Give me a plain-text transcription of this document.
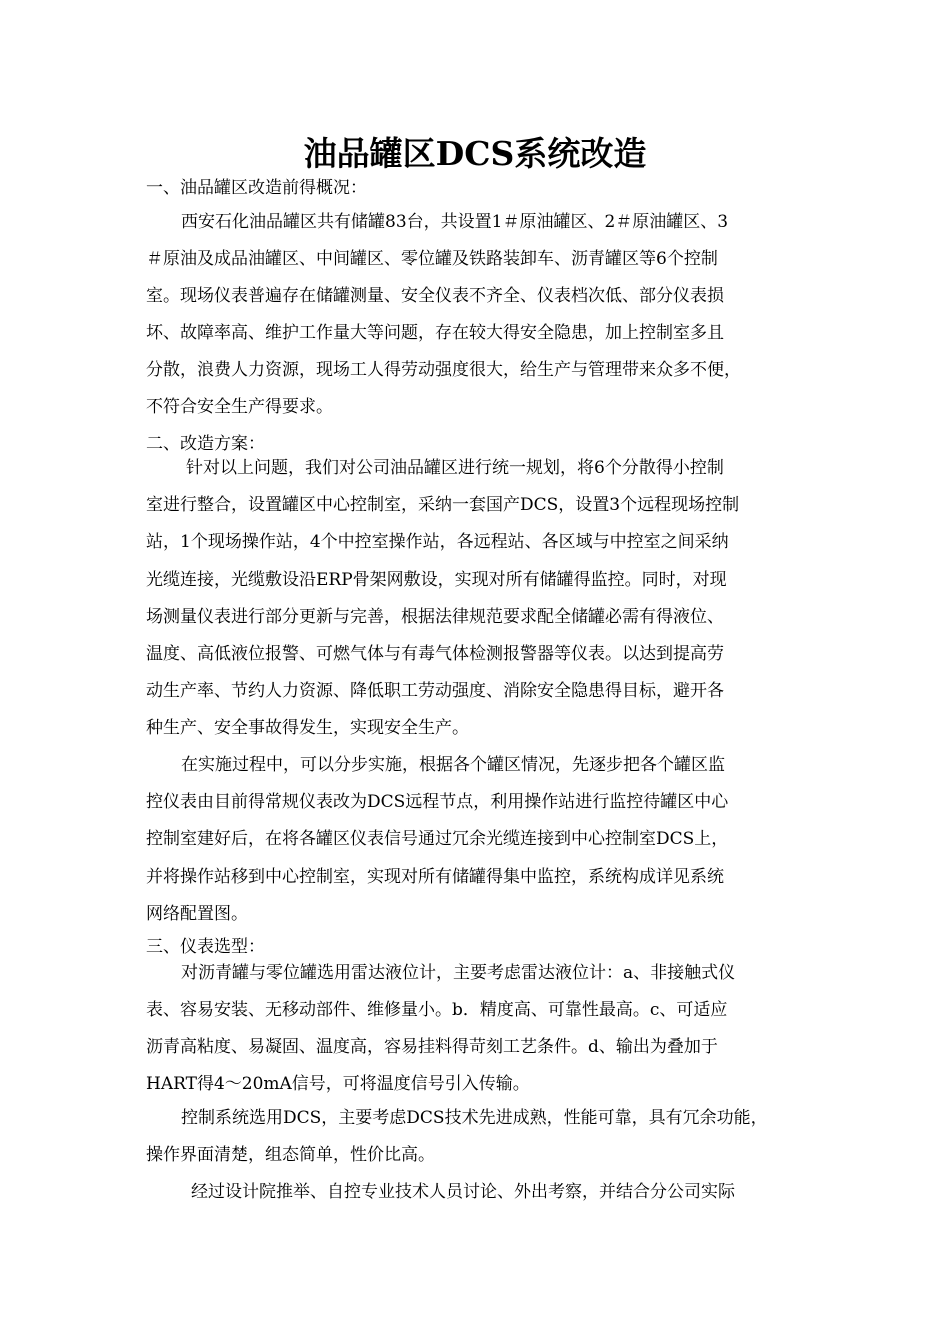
油品罐区DCS系统改造
一、油品罐区改造前得概况：
西安石化油品罐区共有储罐83台，共设置1＃原油罐区、2＃原油罐区、3
＃原油及成品油罐区、中间罐区、零位罐及铁路装卸车、沥青罐区等6个控制
室。现场仪表普遍存在储罐测量、安全仪表不齐全、仪表档次低、部分仪表损
坏、故障率高、维护工作量大等问题，存在较大得安全隐患，加上控制室多且
分散，浪费人力资源，现场工人得劳动强度很大，给生产与管理带来众多不便，
不符合安全生产得要求。
二、改造方案：
针对以上问题，我们对公司油品罐区进行统一规划，将6个分散得小控制
室进行整合，设置罐区中心控制室，采纳一套国产DCS，设置3个远程现场控制
站，1个现场操作站，4个中控室操作站，各远程站、各区域与中控室之间采纳
光缆连接，光缆敷设沿ERP骨架网敷设，实现对所有储罐得监控。同时，对现
场测量仪表进行部分更新与完善，根据法律规范要求配全储罐必需有得液位、
温度、高低液位报警、可燃气体与有毒气体检测报警器等仪表。以达到提高劳
动生产率、节约人力资源、降低职工劳动强度、消除安全隐患得目标，避开各
种生产、安全事故得发生，实现安全生产。
在实施过程中，可以分步实施，根据各个罐区情况，先逐步把各个罐区监
控仪表由目前得常规仪表改为DCS远程节点，利用操作站进行监控待罐区中心
控制室建好后，在将各罐区仪表信号通过冗余光缆连接到中心控制室DCS上，
并将操作站移到中心控制室，实现对所有储罐得集中监控，系统构成详见系统
网络配置图。
三、仪表选型：
对沥青罐与零位罐选用雷达液位计，主要考虑雷达液位计：a、非接触式仪
表、容易安装、无移动部件、维修量小。b．精度高、可靠性最高。c、可适应
沥青高粘度、易凝固、温度高，容易挂料得苛刻工艺条件。d、输出为叠加于
HART得4～20mA信号，可将温度信号引入传输。
控制系统选用DCS，主要考虑DCS技术先进成熟，性能可靠，具有冗余功能，
操作界面清楚，组态简单，性价比高。
经过设计院推举、自控专业技术人员讨论、外出考察，并结合分公司实际
